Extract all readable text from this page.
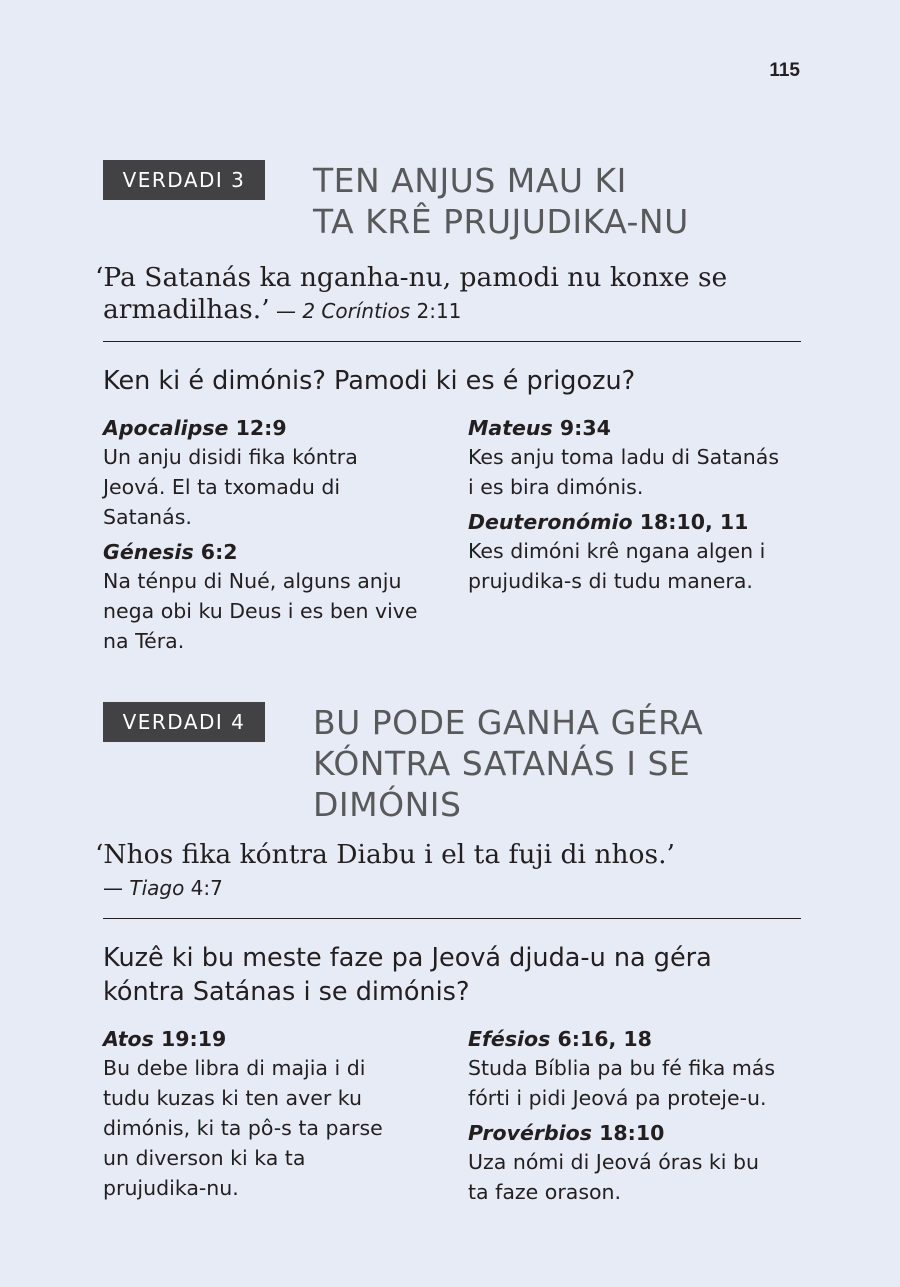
115
VERDADI 3	TEN ANJUS MAU KI
TA KRÊ PRUJUDIKA-NU
‘Pa Satanás ka nganha-nu, pamodi nu konxe se
armadilhas.’ — 2 Coríntios 2:11
Ken ki é dimónis? Pamodi ki es é prigozu?
Apocalipse 12:9
Un anju disidi fika kóntra
Jeová. El ta txomadu di
Satanás.
Génesis 6:2
Na ténpu di Nué, alguns anju
nega obi ku Deus i es ben vive
na Téra.
Mateus 9:34
Kes anju toma ladu di Satanás
i es bira dimónis.
Deuteronómio 18:10, 11
Kes dimóni krê ngana algen i
prujudika-s di tudu manera.
VERDADI 4	BU PODE GANHA GÉRA
KÓNTRA SATANÁS I SE
DIMÓNIS
‘Nhos fika kóntra Diabu i el ta fuji di nhos.’
— Tiago 4:7
Kuzê ki bu meste faze pa Jeová djuda-u na géra
kóntra Satánas i se dimónis?
Atos 19:19
Bu debe libra di majia i di
tudu kuzas ki ten aver ku
dimónis, ki ta pô-s ta parse
un diverson ki ka ta
prujudika-nu.
Efésios 6:16, 18
Studa Bíblia pa bu fé fika más
fórti i pidi Jeová pa proteje-u.
Provérbios 18:10
Uza nómi di Jeová óras ki bu
ta faze orason.
